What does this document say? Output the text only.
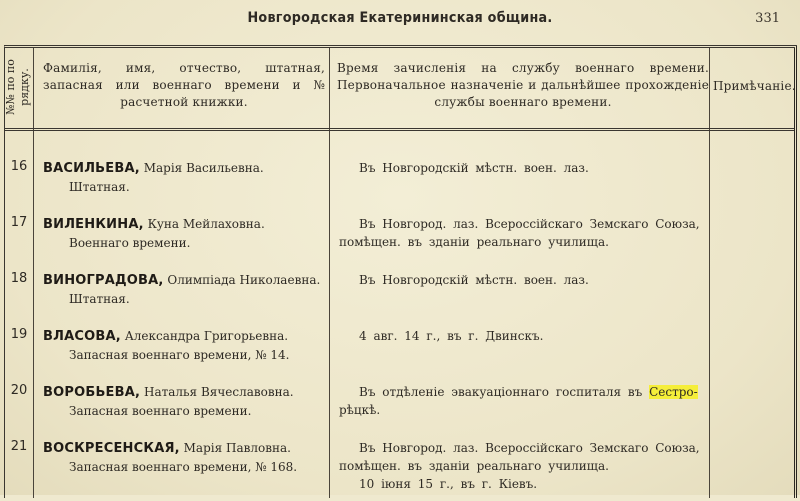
Новгородская Екатерининская община.	331
№№ по по рядку.
Фамилія, имя, отчество, штатная, запасная или военнаго времени и № расчетной книжки.
Время зачисленія на службу военнаго времени. Первоначальное назначеніе и дальнѣйшее прохожденіе службы военнаго времени.
Примѣчаніе.
16	ВАСИЛЬЕВА, Марія Васильевна.
Штатная.
Въ Новгородскій мѣстн. воен. лаз.
17	ВИЛЕНКИНА, Куна Мейлаховна.
Военнаго времени.
Въ Новгород. лаз. Всероссійскаго Земскаго Союза,
помѣщен. въ зданіи реальнаго училища.
18	ВИНОГРАДОВА, Олимпіада Николаевна.
Штатная.
Въ Новгородскій мѣстн. воен. лаз.
19	ВЛАСОВА, Александра Григорьевна.
Запасная военнаго времени, № 14.
4 авг. 14 г., въ г. Двинскъ.
20	ВОРОБЬЕВА, Наталья Вячеславовна.
Запасная военнаго времени.
Въ отдѣленіе эвакуаціоннаго госпиталя въ Сестро-
рѣцкѣ.
21	ВОСКРЕСЕНСКАЯ, Марія Павловна.
Запасная военнаго времени, № 168.
Въ Новгород. лаз. Всероссійскаго Земскаго Союза,
помѣщен. въ зданіи реальнаго училища.
10 іюня 15 г., въ г. Кіевъ.
